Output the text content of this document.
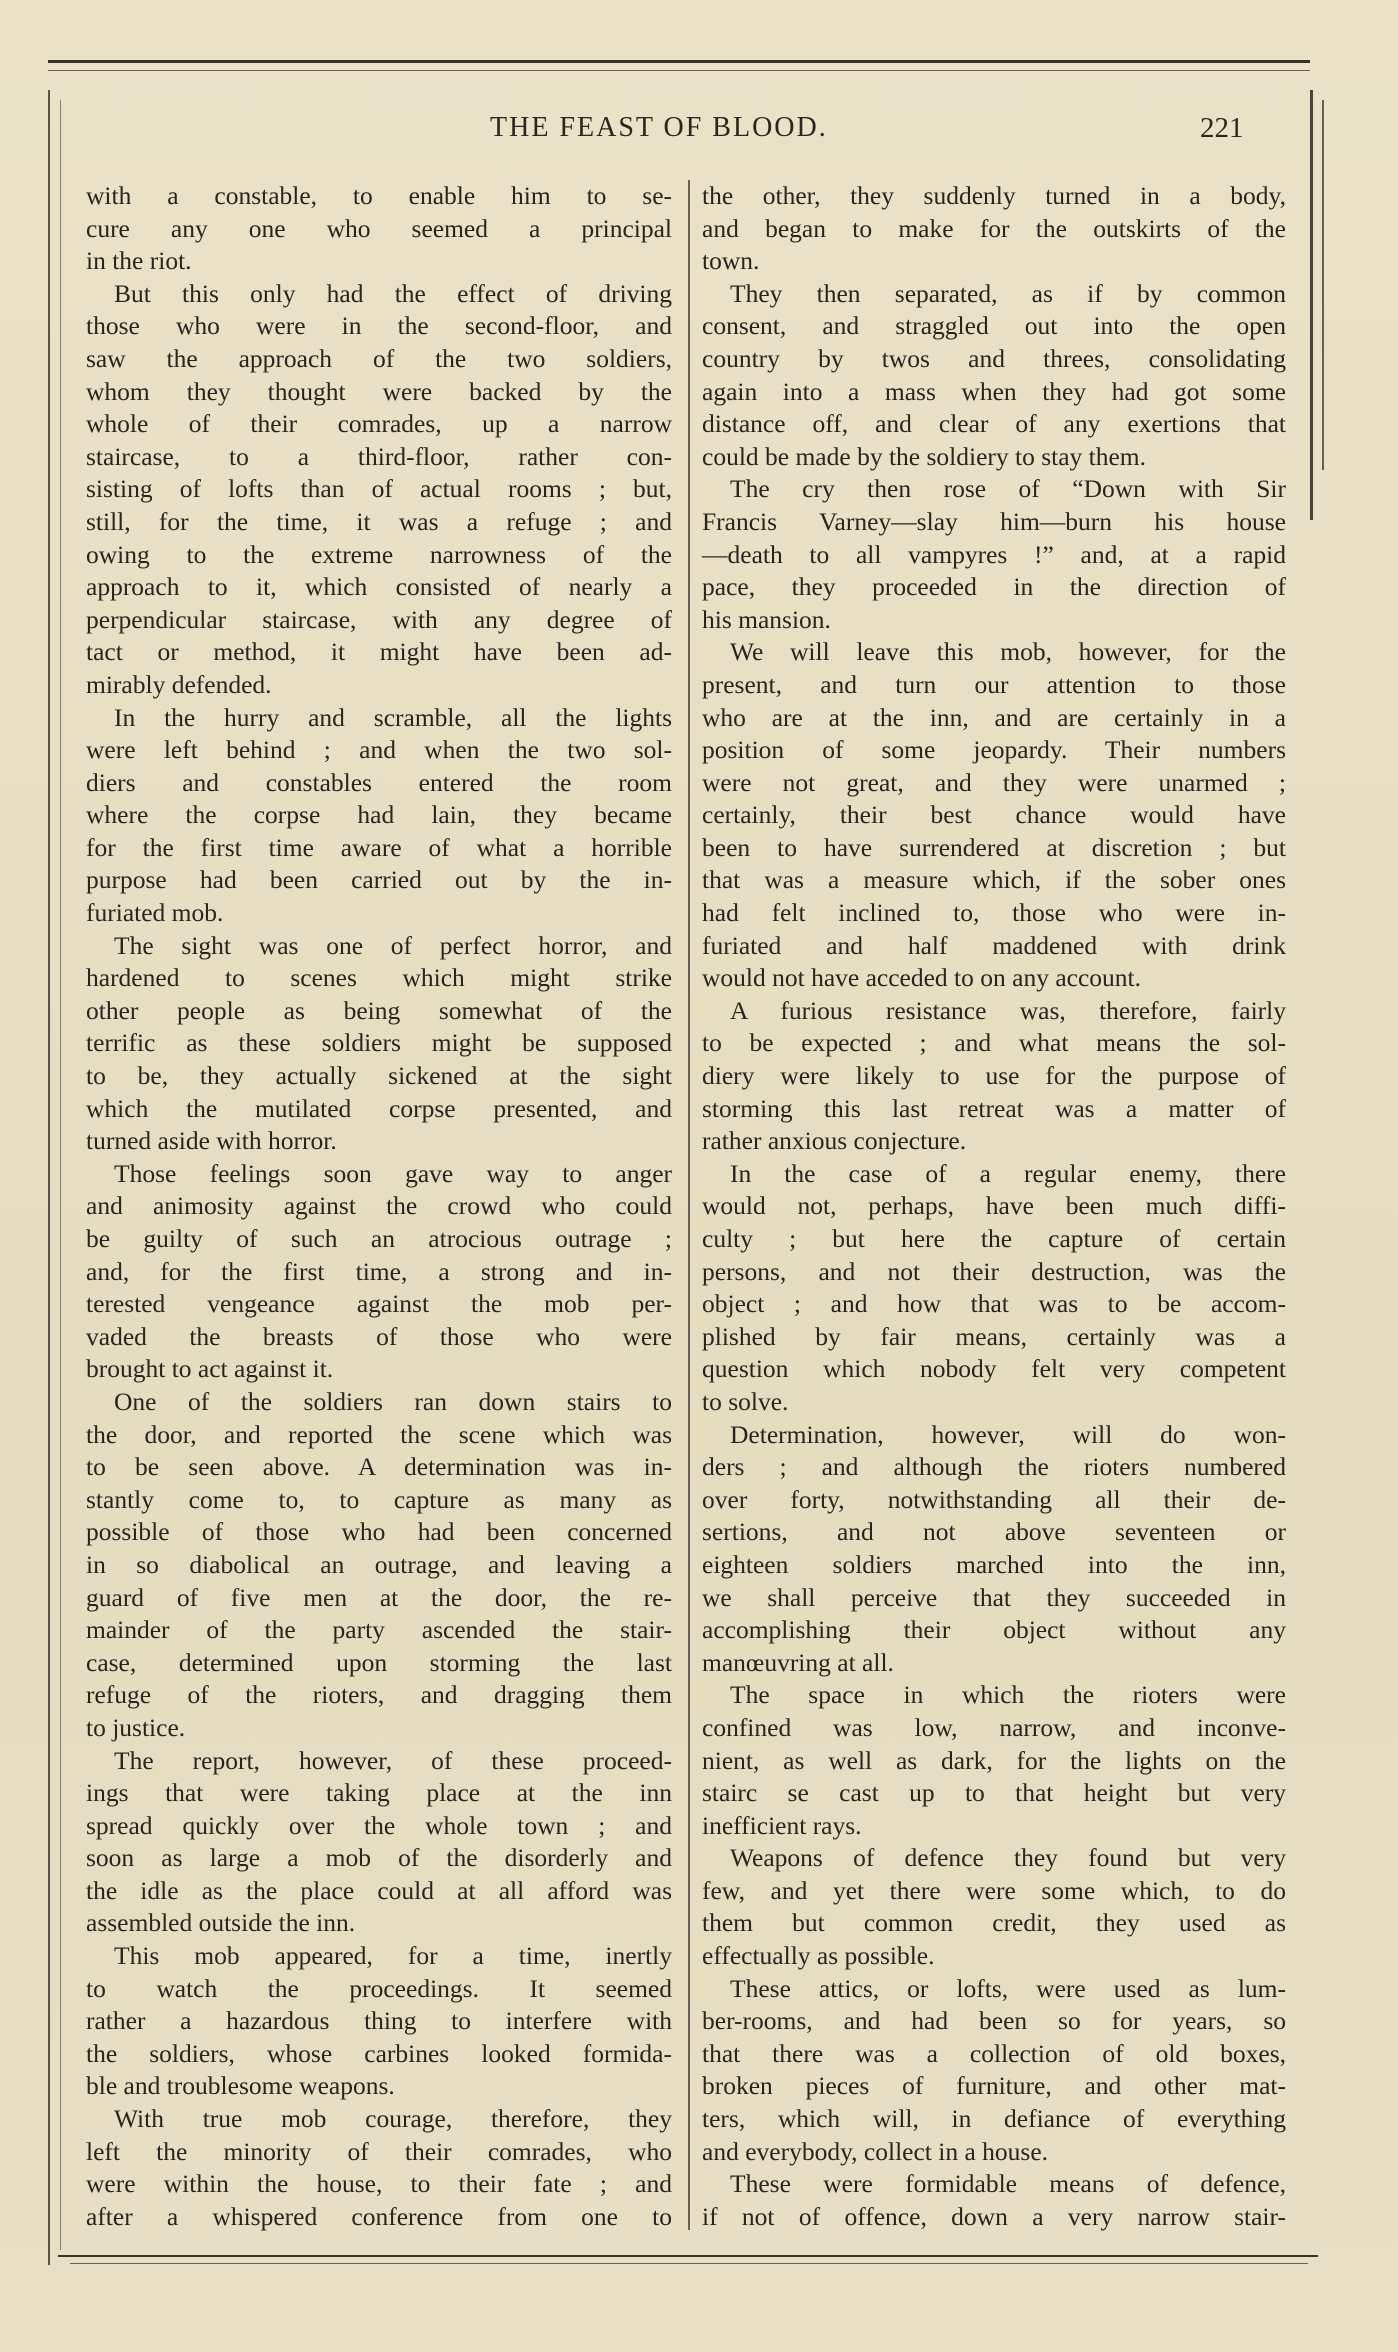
THE FEAST OF BLOOD.	221
with a constable, to enable him to se-
cure any one who seemed a principal
in the riot.
But this only had the effect of driving
those who were in the second-floor, and
saw the approach of the two soldiers,
whom they thought were backed by the
whole of their comrades, up a narrow
staircase, to a third-floor, rather con-
sisting of lofts than of actual rooms ; but,
still, for the time, it was a refuge ; and
owing to the extreme narrowness of the
approach to it, which consisted of nearly a
perpendicular staircase, with any degree of
tact or method, it might have been ad-
mirably defended.
In the hurry and scramble, all the lights
were left behind ; and when the two sol-
diers and constables entered the room
where the corpse had lain, they became
for the first time aware of what a horrible
purpose had been carried out by the in-
furiated mob.
The sight was one of perfect horror, and
hardened to scenes which might strike
other people as being somewhat of the
terrific as these soldiers might be supposed
to be, they actually sickened at the sight
which the mutilated corpse presented, and
turned aside with horror.
Those feelings soon gave way to anger
and animosity against the crowd who could
be guilty of such an atrocious outrage ;
and, for the first time, a strong and in-
terested vengeance against the mob per-
vaded the breasts of those who were
brought to act against it.
One of the soldiers ran down stairs to
the door, and reported the scene which was
to be seen above. A determination was in-
stantly come to, to capture as many as
possible of those who had been concerned
in so diabolical an outrage, and leaving a
guard of five men at the door, the re-
mainder of the party ascended the stair-
case, determined upon storming the last
refuge of the rioters, and dragging them
to justice.
The report, however, of these proceed-
ings that were taking place at the inn
spread quickly over the whole town ; and
soon as large a mob of the disorderly and
the idle as the place could at all afford was
assembled outside the inn.
This mob appeared, for a time, inertly
to watch the proceedings. It seemed
rather a hazardous thing to interfere with
the soldiers, whose carbines looked formida-
ble and troublesome weapons.
With true mob courage, therefore, they
left the minority of their comrades, who
were within the house, to their fate ; and
after a whispered conference from one to
the other, they suddenly turned in a body,
and began to make for the outskirts of the
town.
They then separated, as if by common
consent, and straggled out into the open
country by twos and threes, consolidating
again into a mass when they had got some
distance off, and clear of any exertions that
could be made by the soldiery to stay them.
The cry then rose of “Down with Sir
Francis Varney—slay him—burn his house
—death to all vampyres !” and, at a rapid
pace, they proceeded in the direction of
his mansion.
We will leave this mob, however, for the
present, and turn our attention to those
who are at the inn, and are certainly in a
position of some jeopardy. Their numbers
were not great, and they were unarmed ;
certainly, their best chance would have
been to have surrendered at discretion ; but
that was a measure which, if the sober ones
had felt inclined to, those who were in-
furiated and half maddened with drink
would not have acceded to on any account.
A furious resistance was, therefore, fairly
to be expected ; and what means the sol-
diery were likely to use for the purpose of
storming this last retreat was a matter of
rather anxious conjecture.
In the case of a regular enemy, there
would not, perhaps, have been much diffi-
culty ; but here the capture of certain
persons, and not their destruction, was the
object ; and how that was to be accom-
plished by fair means, certainly was a
question which nobody felt very competent
to solve.
Determination, however, will do won-
ders ; and although the rioters numbered
over forty, notwithstanding all their de-
sertions, and not above seventeen or
eighteen soldiers marched into the inn,
we shall perceive that they succeeded in
accomplishing their object without any
manœuvring at all.
The space in which the rioters were
confined was low, narrow, and inconve-
nient, as well as dark, for the lights on the
stairc se cast up to that height but very
inefficient rays.
Weapons of defence they found but very
few, and yet there were some which, to do
them but common credit, they used as
effectually as possible.
These attics, or lofts, were used as lum-
ber-rooms, and had been so for years, so
that there was a collection of old boxes,
broken pieces of furniture, and other mat-
ters, which will, in defiance of everything
and everybody, collect in a house.
These were formidable means of defence,
if not of offence, down a very narrow stair-
